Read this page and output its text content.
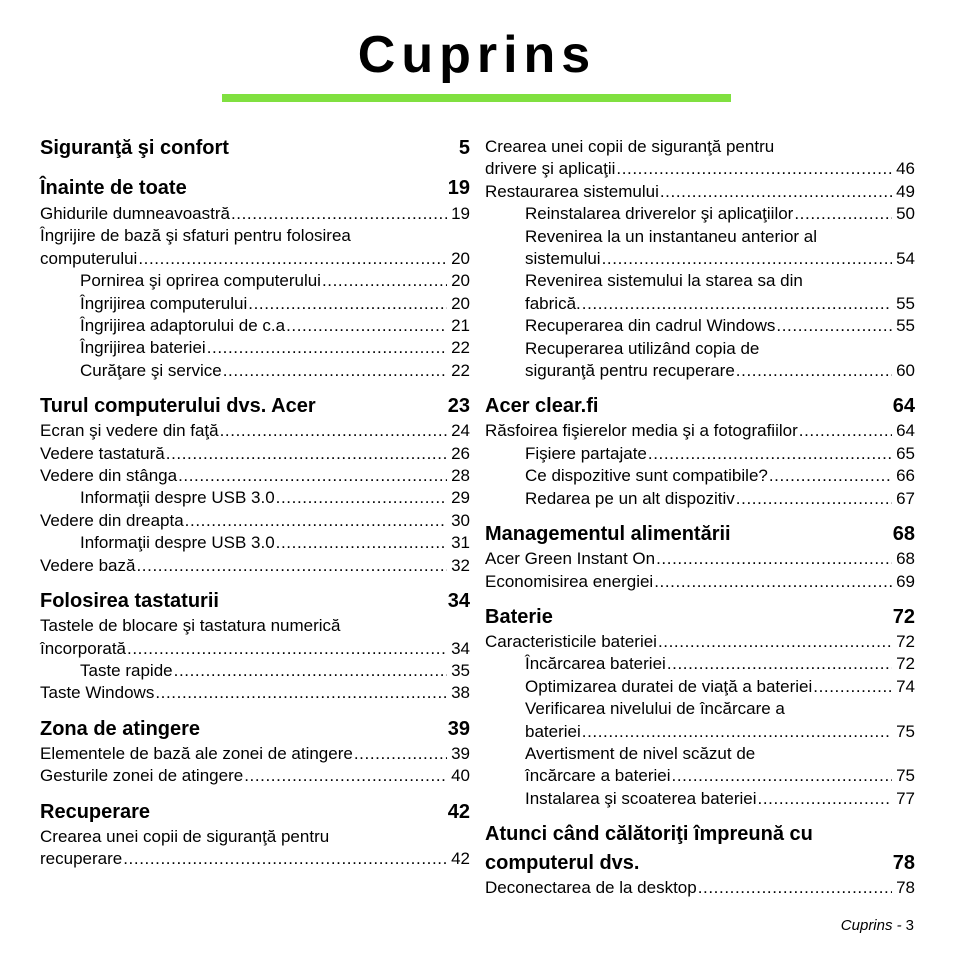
Cuprins
Siguranţă şi confort	5
Înainte de toate	19
Ghidurile dumneavoastră .....	19
Îngrijire de bază şi sfaturi pentru folosirea
computerului .....	20
Pornirea şi oprirea computerului .....	20
Îngrijirea computerului .....	20
Îngrijirea adaptorului de c.a .....	21
Îngrijirea bateriei .....	22
Curăţare şi service .....	22
Turul computerului dvs. Acer	23
Ecran şi vedere din faţă .....	24
Vedere tastatură .....	26
Vedere din stânga .....	28
Informaţii despre USB 3.0 .....	29
Vedere din dreapta .....	30
Informaţii despre USB 3.0 .....	31
Vedere bază .....	32
Folosirea tastaturii	34
Tastele de blocare şi tastatura numerică
încorporată .....	34
Taste rapide .....	35
Taste Windows .....	38
Zona de atingere	39
Elementele de bază ale zonei de atingere .....	39
Gesturile zonei de atingere .....	40
Recuperare	42
Crearea unei copii de siguranţă pentru
recuperare .....	42
Crearea unei copii de siguranţă pentru
drivere şi aplicaţii .....	46
Restaurarea sistemului .....	49
Reinstalarea driverelor şi aplicaţiilor .....	50
Revenirea la un instantaneu anterior al
sistemului .....	54
Revenirea sistemului la starea sa din
fabrică. .....	55
Recuperarea din cadrul Windows .....	55
Recuperarea utilizând copia de
siguranţă pentru recuperare .....	60
Acer clear.fi	64
Răsfoirea fişierelor media şi a fotografiilor .....	64
Fişiere partajate .....	65
Ce dispozitive sunt compatibile? .....	66
Redarea pe un alt dispozitiv .....	67
Managementul alimentării	68
Acer Green Instant On .....	68
Economisirea energiei .....	69
Baterie	72
Caracteristicile bateriei .....	72
Încărcarea bateriei .....	72
Optimizarea duratei de viaţă a bateriei .....	74
Verificarea nivelului de încărcare a
bateriei .....	75
Avertisment de nivel scăzut de
încărcare a bateriei .....	75
Instalarea şi scoaterea bateriei .....	77
Atunci când călătoriţi împreună cu
computerul dvs.	78
Deconectarea de la desktop .....	78
Cuprins - 3
